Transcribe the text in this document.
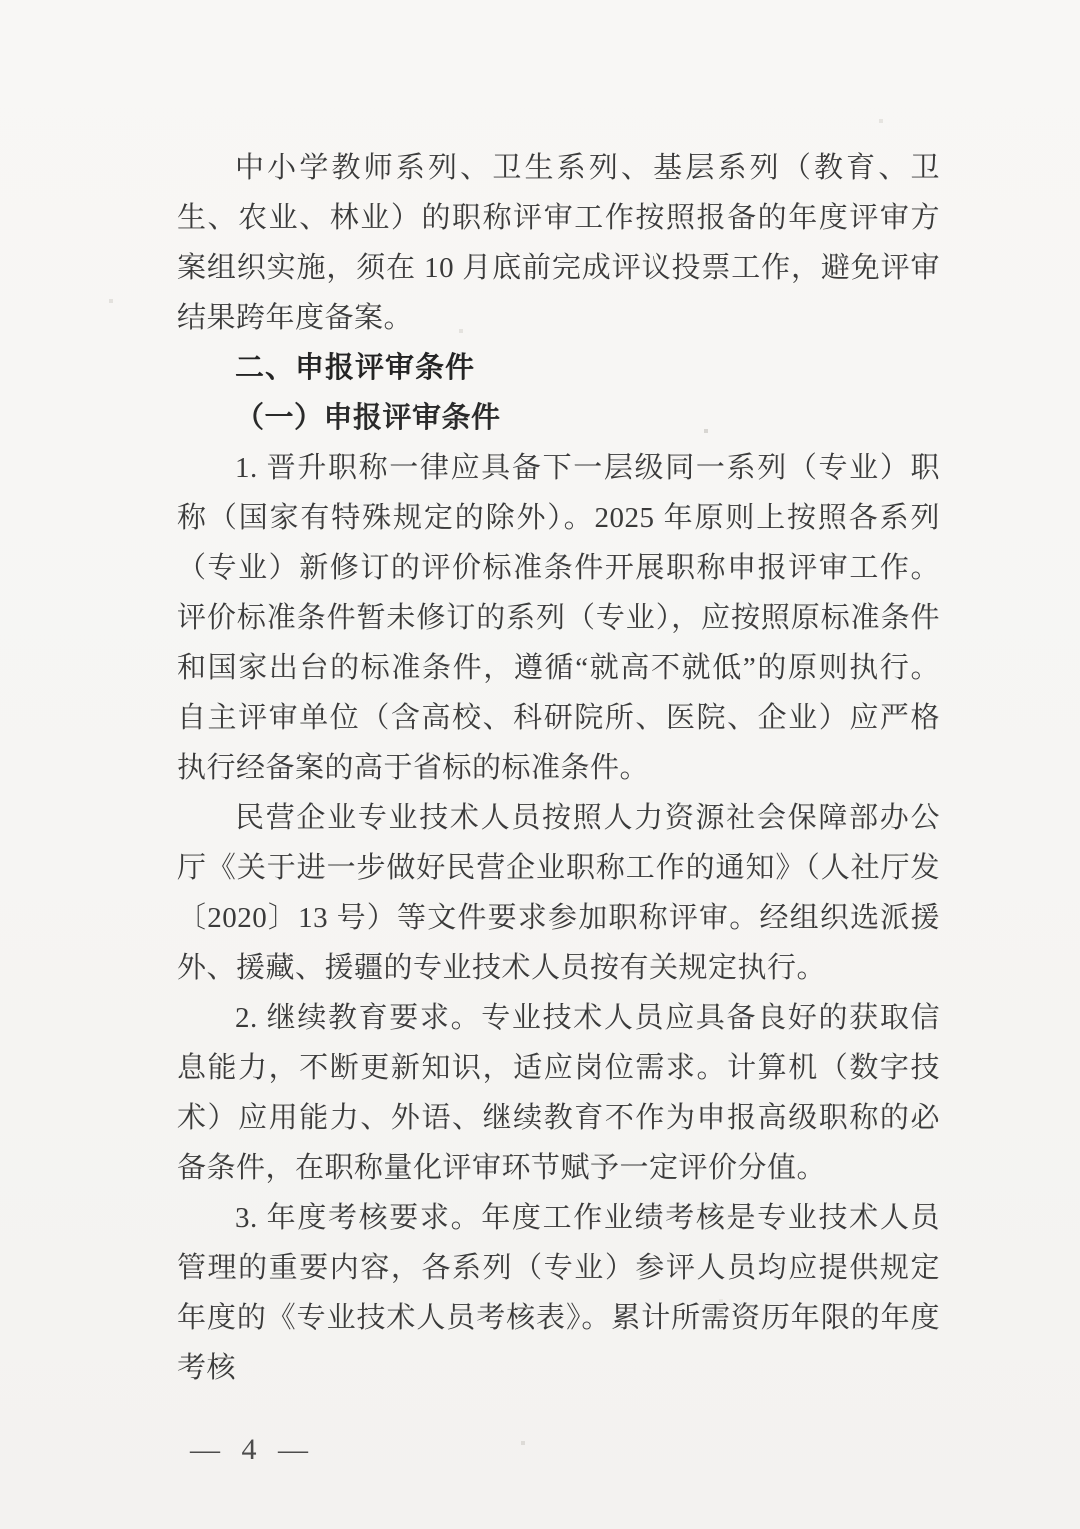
中小学教师系列、卫生系列、基层系列（教育、卫生、农业、林业）的职称评审工作按照报备的年度评审方案组织实施，须在 10 月底前完成评议投票工作，避免评审结果跨年度备案。

二、申报评审条件
（一）申报评审条件

1. 晋升职称一律应具备下一层级同一系列（专业）职称（国家有特殊规定的除外）。2025 年原则上按照各系列（专业）新修订的评价标准条件开展职称申报评审工作。评价标准条件暂未修订的系列（专业），应按照原标准条件和国家出台的标准条件，遵循“就高不就低”的原则执行。自主评审单位（含高校、科研院所、医院、企业）应严格执行经备案的高于省标的标准条件。

民营企业专业技术人员按照人力资源社会保障部办公厅《关于进一步做好民营企业职称工作的通知》（人社厅发〔2020〕13 号）等文件要求参加职称评审。经组织选派援外、援藏、援疆的专业技术人员按有关规定执行。

2. 继续教育要求。专业技术人员应具备良好的获取信息能力，不断更新知识，适应岗位需求。计算机（数字技术）应用能力、外语、继续教育不作为申报高级职称的必备条件，在职称量化评审环节赋予一定评价分值。

3. 年度考核要求。年度工作业绩考核是专业技术人员管理的重要内容，各系列（专业）参评人员均应提供规定年度的《专业技术人员考核表》。累计所需资历年限的年度考核

— 4 —
